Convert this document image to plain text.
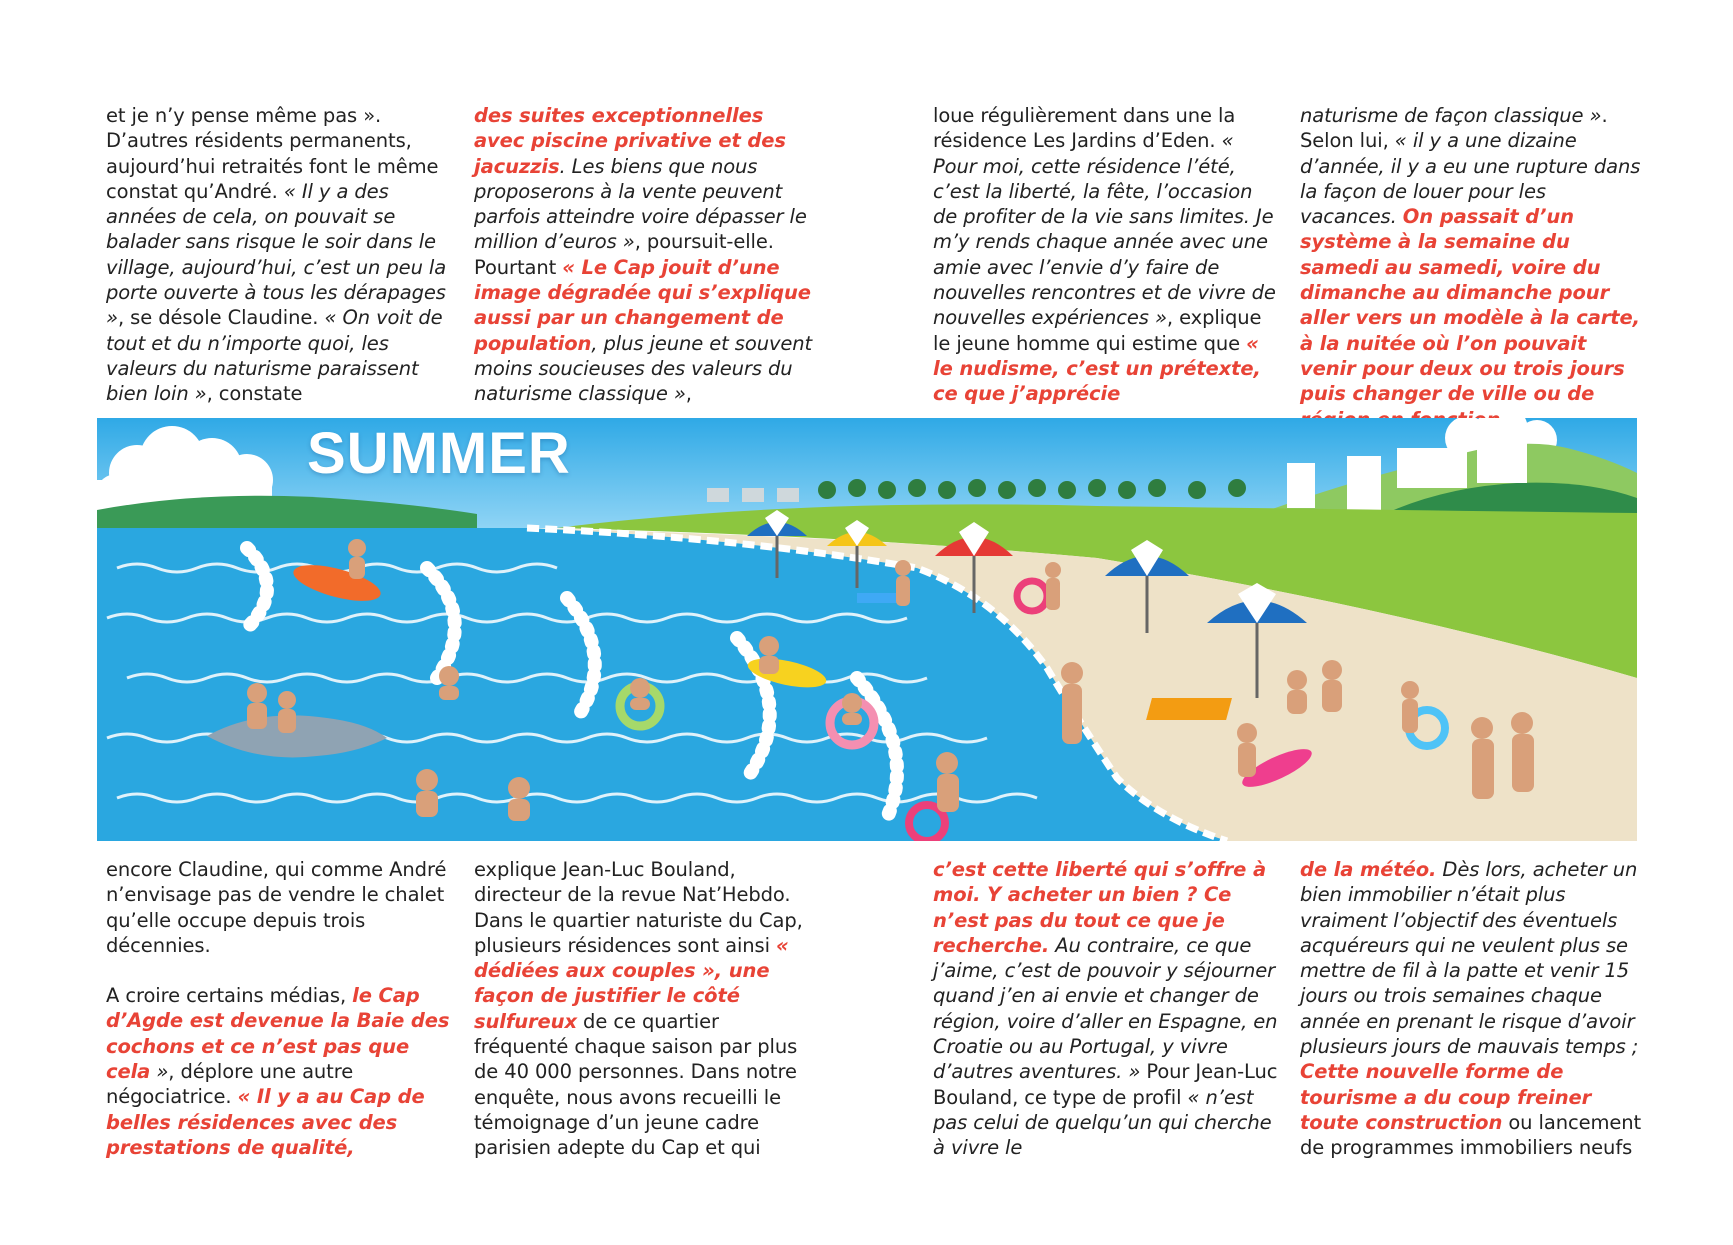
et je n’y pense même pas ». D’autres résidents permanents, aujourd’hui retraités font le même constat qu’André. « Il y a des années de cela, on pouvait se balader sans risque le soir dans le village, aujourd’hui, c’est un peu la porte ouverte à tous les dérapages », se désole Claudine. « On voit de tout et du n’importe quoi, les valeurs du naturisme paraissent bien loin », constate

des suites exceptionnelles avec piscine privative et des jacuzzis. Les biens que nous proposerons à la vente peuvent parfois atteindre voire dépasser le million d’euros », poursuit-elle. Pourtant « Le Cap jouit d’une image dégradée qui s’explique aussi par un changement de population, plus jeune et souvent moins soucieuses des valeurs du naturisme classique »,

loue régulièrement dans une la résidence Les Jardins d’Eden. « Pour moi, cette résidence l’été, c’est la liberté, la fête, l’occasion de profiter de la vie sans limites. Je m’y rends chaque année avec une amie avec l’envie d’y faire de nouvelles rencontres et de vivre de nouvelles expériences », explique le jeune homme qui estime que « le nudisme, c’est un prétexte, ce que j’apprécie

naturisme de façon classique ». Selon lui, « il y a une dizaine d’année, il y a eu une rupture dans la façon de louer pour les vacances. On passait d’un système à la semaine du samedi au samedi, voire du dimanche au dimanche pour aller vers un modèle à la carte, à la nuitée où l’on pouvait venir pour deux ou trois jours puis changer de ville ou de

SUMMER

encore Claudine, qui comme André n’envisage pas de vendre le chalet qu’elle occupe depuis trois décennies.

A croire certains médias, le Cap d’Agde est devenue la Baie des cochons et ce n’est pas que cela », déplore une autre négociatrice. « Il y a au Cap de belles résidences avec des prestations de qualité,

explique Jean-Luc Bouland, directeur de la revue Nat’Hebdo. Dans le quartier naturiste du Cap, plusieurs résidences sont ainsi « dédiées aux couples », une façon de justifier le côté sulfureux de ce quartier fréquenté chaque saison par plus de 40 000 personnes. Dans notre enquête, nous avons recueilli le témoignage d’un jeune cadre parisien adepte du Cap et qui

c’est cette liberté qui s’offre à moi. Y acheter un bien ? Ce n’est pas du tout ce que je recherche. Au contraire, ce que j’aime, c’est de pouvoir y séjourner quand j’en ai envie et changer de région, voire d’aller en Espagne, en Croatie ou au Portugal, y vivre d’autres aventures. » Pour Jean-Luc Bouland, ce type de profil « n’est pas celui de quelqu’un qui cherche à vivre le

de la météo. Dès lors, acheter un bien immobilier n’était plus vraiment l’objectif des éventuels acquéreurs qui ne veulent plus se mettre de fil à la patte et venir 15 jours ou trois semaines chaque année en prenant le risque d’avoir plusieurs jours de mauvais temps ; Cette nouvelle forme de tourisme a du coup freiner toute construction ou lancement de programmes immobiliers neufs
